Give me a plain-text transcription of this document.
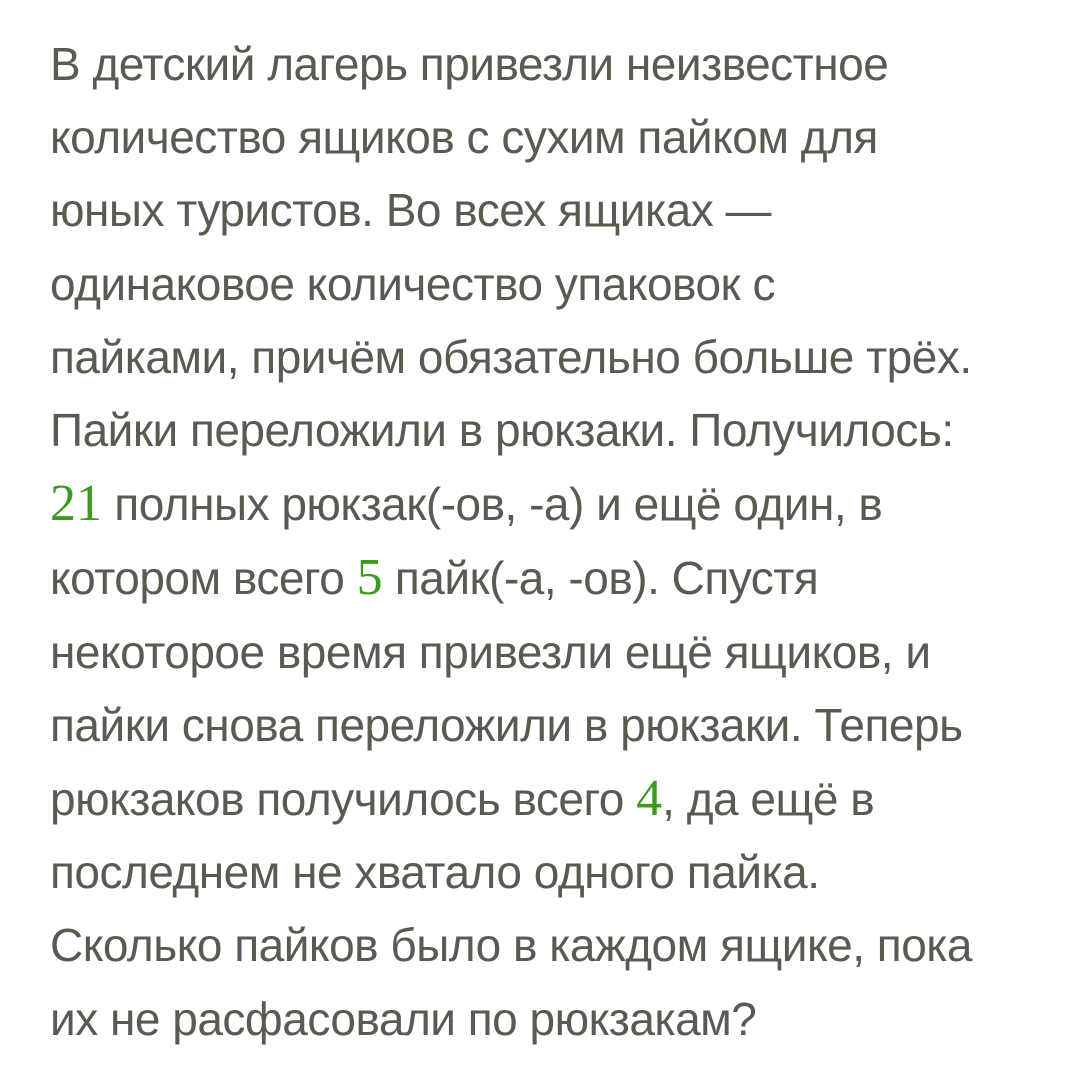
В детский лагерь привезли неизвестное
количество ящиков с сухим пайком для
юных туристов. Во всех ящиках —
одинаковое количество упаковок с
пайками, причём обязательно больше трёх.
Пайки переложили в рюкзаки. Получилось:
21 полных рюкзак(-ов, -а) и ещё один, в
котором всего 5 пайк(-а, -ов). Спустя
некоторое время привезли ещё ящиков, и
пайки снова переложили в рюкзаки. Теперь
рюкзаков получилось всего 4, да ещё в
последнем не хватало одного пайка.
Сколько пайков было в каждом ящике, пока
их не расфасовали по рюкзакам?
